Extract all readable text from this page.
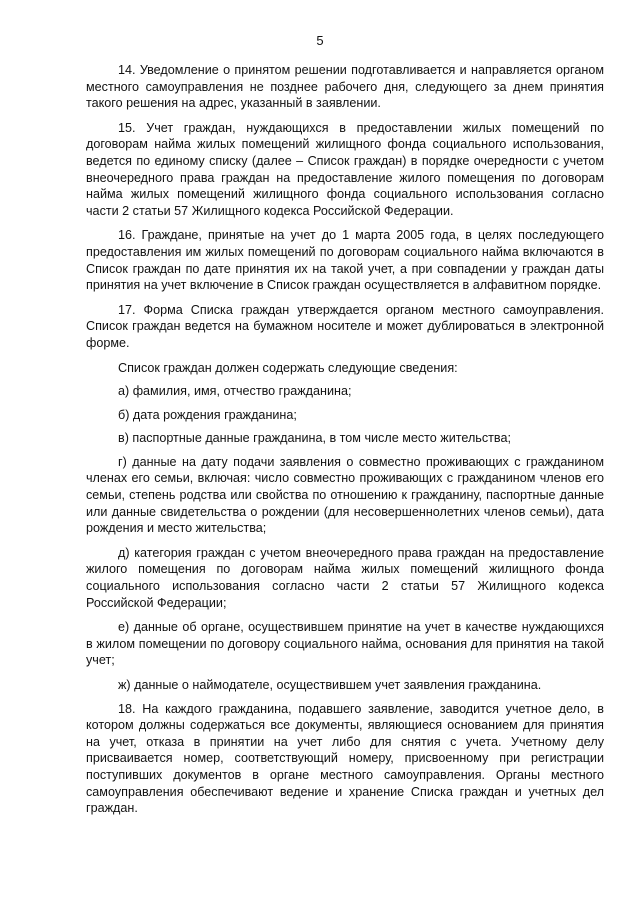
5

14. Уведомление о принятом решении подготавливается и направляется органом местного самоуправления не позднее рабочего дня, следующего за днем принятия такого решения на адрес, указанный в заявлении.

15. Учет граждан, нуждающихся в предоставлении жилых помещений по договорам найма жилых помещений жилищного фонда социального использования, ведется по единому списку (далее – Список граждан) в порядке очередности с учетом внеочередного права граждан на предоставление жилого помещения по договорам найма жилых помещений жилищного фонда социального использования согласно части 2 статьи 57 Жилищного кодекса Российской Федерации.

16. Граждане, принятые на учет до 1 марта 2005 года, в целях последующего предоставления им жилых помещений по договорам социального найма включаются в Список граждан по дате принятия их на такой учет, а при совпадении у граждан даты принятия на учет включение в Список граждан осуществляется в алфавитном порядке.

17. Форма Списка граждан утверждается органом местного самоуправления. Список граждан ведется на бумажном носителе и может дублироваться в электронной форме.

Список граждан должен содержать следующие сведения:

а) фамилия, имя, отчество гражданина;

б) дата рождения гражданина;

в) паспортные данные гражданина, в том числе место жительства;

г) данные на дату подачи заявления о совместно проживающих с гражданином членах его семьи, включая: число совместно проживающих с гражданином членов его семьи, степень родства или свойства по отношению к гражданину, паспортные данные или данные свидетельства о рождении (для несовершеннолетних членов семьи), дата рождения и место жительства;

д) категория граждан с учетом внеочередного права граждан на предоставление жилого помещения по договорам найма жилых помещений жилищного фонда социального использования согласно части 2 статьи 57 Жилищного кодекса Российской Федерации;

е) данные об органе, осуществившем принятие на учет в качестве нуждающихся в жилом помещении по договору социального найма, основания для принятия на такой учет;

ж) данные о наймодателе, осуществившем учет заявления гражданина.

18. На каждого гражданина, подавшего заявление, заводится учетное дело, в котором должны содержаться все документы, являющиеся основанием для принятия на учет, отказа в принятии на учет либо для снятия с учета. Учетному делу присваивается номер, соответствующий номеру, присвоенному при регистрации поступивших документов в органе местного самоуправления. Органы местного самоуправления обеспечивают ведение и хранение Списка граждан и учетных дел граждан.
